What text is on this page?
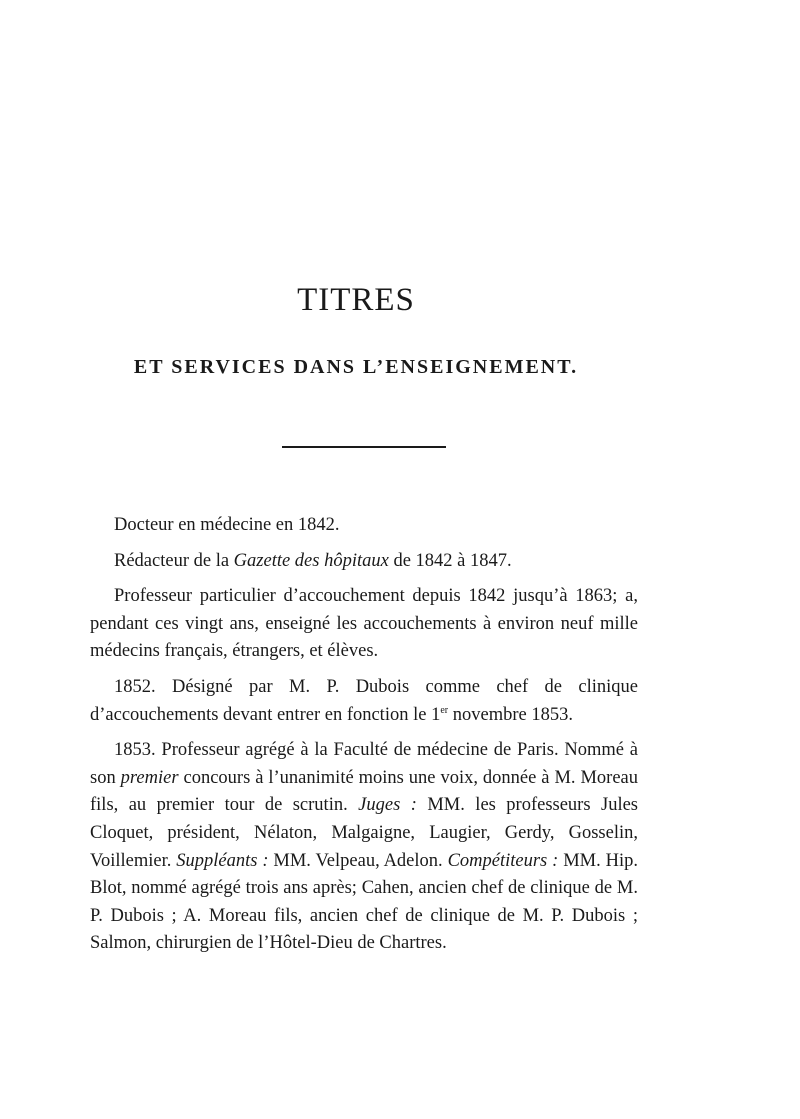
TITRES
ET SERVICES DANS L’ENSEIGNEMENT.

Docteur en médecine en 1842.

Rédacteur de la Gazette des hôpitaux de 1842 à 1847.

Professeur particulier d’accouchement depuis 1842 jusqu’à 1863; a, pendant ces vingt ans, enseigné les accouchements à environ neuf mille médecins français, étrangers, et élèves.

1852. Désigné par M. P. Dubois comme chef de clinique d’accouchements devant entrer en fonction le 1er novembre 1853.

1853. Professeur agrégé à la Faculté de médecine de Paris. Nommé à son premier concours à l’unanimité moins une voix, donnée à M. Moreau fils, au premier tour de scrutin. Juges : MM. les professeurs Jules Cloquet, président, Nélaton, Malgaigne, Laugier, Gerdy, Gosselin, Voillemier. Suppléants : MM. Velpeau, Adelon. Compétiteurs : MM. Hip. Blot, nommé agrégé trois ans après; Cahen, ancien chef de clinique de M. P. Dubois ; A. Moreau fils, ancien chef de clinique de M. P. Dubois ; Salmon, chirurgien de l’Hôtel-Dieu de Chartres.
